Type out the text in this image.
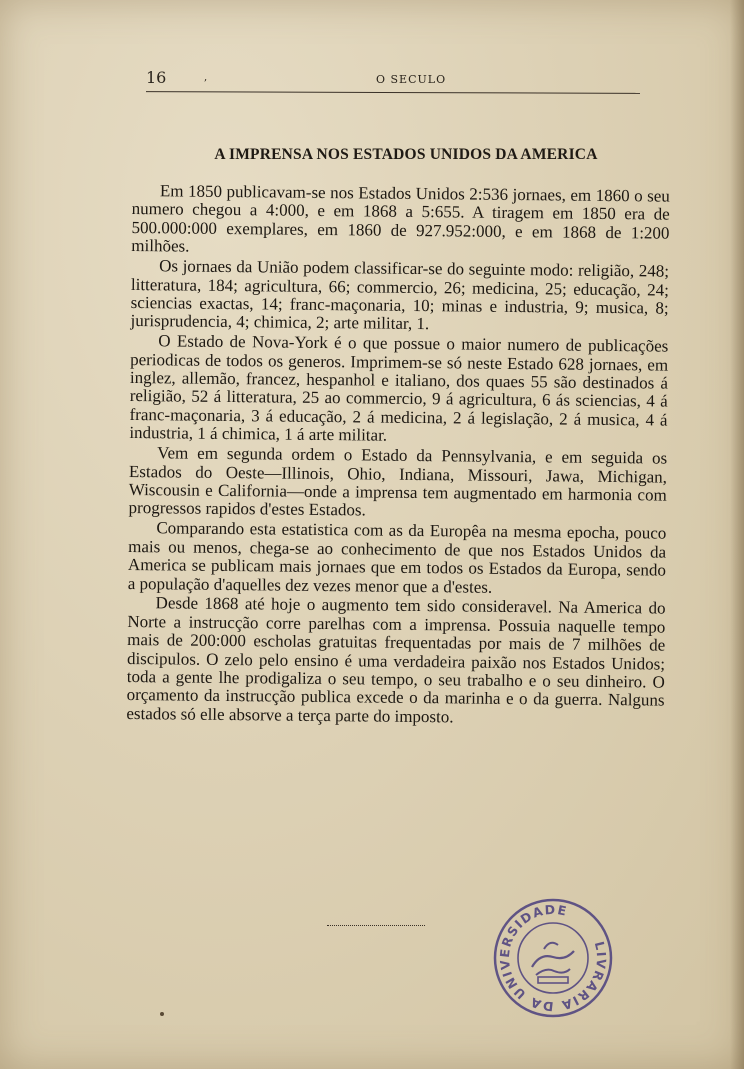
16	,	O SECULO
A IMPRENSA NOS ESTADOS UNIDOS DA AMERICA

Em 1850 publicavam-se nos Estados Unidos 2:536 jornaes, em 1860 o seu numero chegou a 4:000, e em 1868 a 5:655. A tiragem em 1850 era de 500.000:000 exemplares, em 1860 de 927.952:000, e em 1868 de 1:200 milhões.

Os jornaes da União podem classificar-se do seguinte modo: religião, 248; litteratura, 184; agricultura, 66; commercio, 26; medicina, 25; educação, 24; sciencias exactas, 14; franc-maçonaria, 10; minas e industria, 9; musica, 8; jurisprudencia, 4; chimica, 2; arte militar, 1.

O Estado de Nova-York é o que possue o maior numero de publicações periodicas de todos os generos. Imprimem-se só neste Estado 628 jornaes, em inglez, allemão, francez, hespanhol e italiano, dos quaes 55 são destinados á religião, 52 á litteratura, 25 ao commercio, 9 á agricultura, 6 ás sciencias, 4 á franc-maçonaria, 3 á educação, 2 á medicina, 2 á legislação, 2 á musica, 4 á industria, 1 á chimica, 1 á arte militar.

Vem em segunda ordem o Estado da Pennsylvania, e em seguida os Estados do Oeste—Illinois, Ohio, Indiana, Missouri, Jawa, Michigan, Wiscousin e California—onde a imprensa tem augmentado em harmonia com progressos rapidos d'estes Estados.

Comparando esta estatistica com as da Europêa na mesma epocha, pouco mais ou menos, chega-se ao conhecimento de que nos Estados Unidos da America se publicam mais jornaes que em todos os Estados da Europa, sendo a população d'aquelles dez vezes menor que a d'estes.

Desde 1868 até hoje o augmento tem sido consideravel. Na America do Norte a instrucção corre parelhas com a imprensa. Possuia naquelle tempo mais de 200:000 escholas gratuitas frequentadas por mais de 7 milhões de discipulos. O zelo pelo ensino é uma verdadeira paixão nos Estados Unidos; toda a gente lhe prodigaliza o seu tempo, o seu trabalho e o seu dinheiro. O orçamento da instrucção publica excede o da marinha e o da guerra. Nalguns estados só elle absorve a terça parte do imposto.

LIVRARIA DA UNIVERSIDADE
